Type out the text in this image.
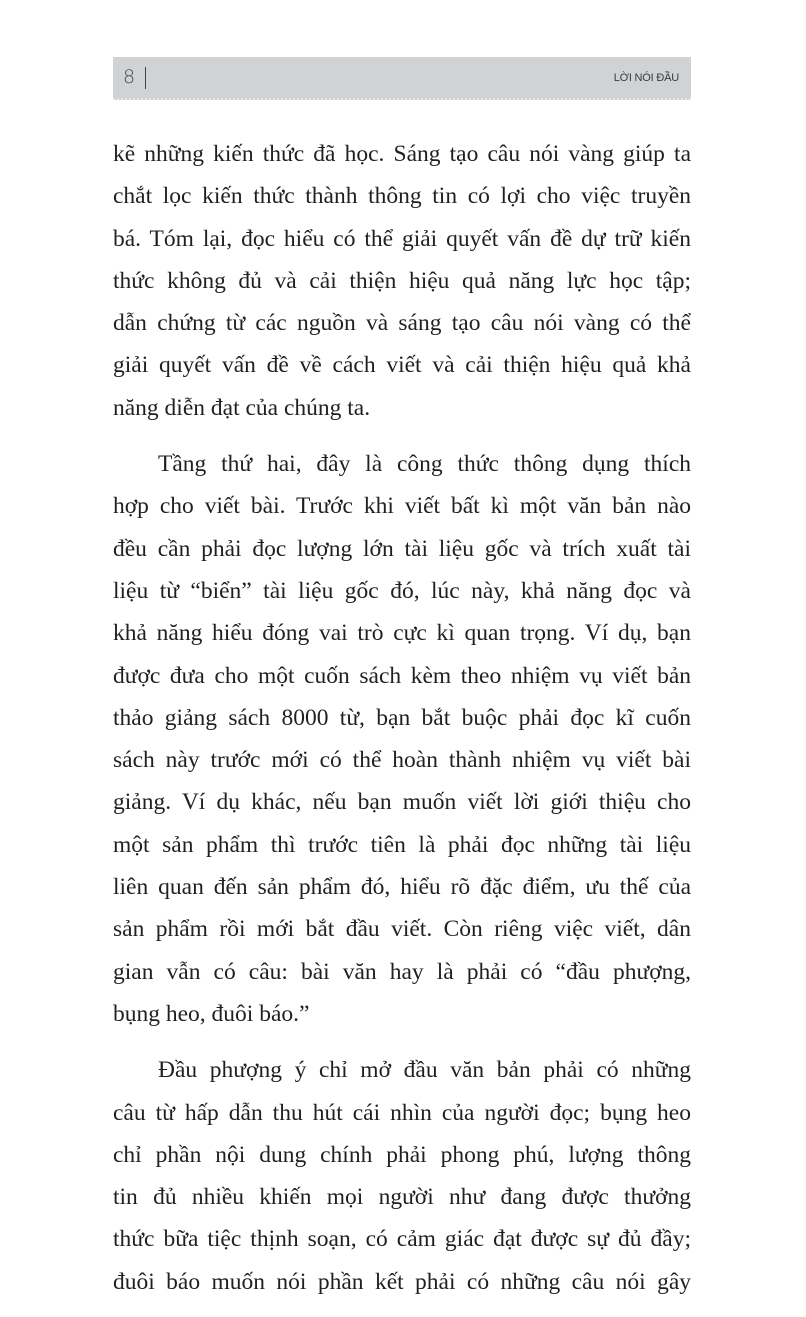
8	LỜI NÓI ĐẦU
kẽ những kiến thức đã học. Sáng tạo câu nói vàng giúp ta
chắt lọc kiến thức thành thông tin có lợi cho việc truyền
bá. Tóm lại, đọc hiểu có thể giải quyết vấn đề dự trữ kiến
thức không đủ và cải thiện hiệu quả năng lực học tập;
dẫn chứng từ các nguồn và sáng tạo câu nói vàng có thể
giải quyết vấn đề về cách viết và cải thiện hiệu quả khả
năng diễn đạt của chúng ta.
Tầng thứ hai, đây là công thức thông dụng thích
hợp cho viết bài. Trước khi viết bất kì một văn bản nào
đều cần phải đọc lượng lớn tài liệu gốc và trích xuất tài
liệu từ “biển” tài liệu gốc đó, lúc này, khả năng đọc và
khả năng hiểu đóng vai trò cực kì quan trọng. Ví dụ, bạn
được đưa cho một cuốn sách kèm theo nhiệm vụ viết bản
thảo giảng sách 8000 từ, bạn bắt buộc phải đọc kĩ cuốn
sách này trước mới có thể hoàn thành nhiệm vụ viết bài
giảng. Ví dụ khác, nếu bạn muốn viết lời giới thiệu cho
một sản phẩm thì trước tiên là phải đọc những tài liệu
liên quan đến sản phẩm đó, hiểu rõ đặc điểm, ưu thế của
sản phẩm rồi mới bắt đầu viết. Còn riêng việc viết, dân
gian vẫn có câu: bài văn hay là phải có “đầu phượng,
bụng heo, đuôi báo.”
Đầu phượng ý chỉ mở đầu văn bản phải có những
câu từ hấp dẫn thu hút cái nhìn của người đọc; bụng heo
chỉ phần nội dung chính phải phong phú, lượng thông
tin đủ nhiều khiến mọi người như đang được thưởng
thức bữa tiệc thịnh soạn, có cảm giác đạt được sự đủ đầy;
đuôi báo muốn nói phần kết phải có những câu nói gây
